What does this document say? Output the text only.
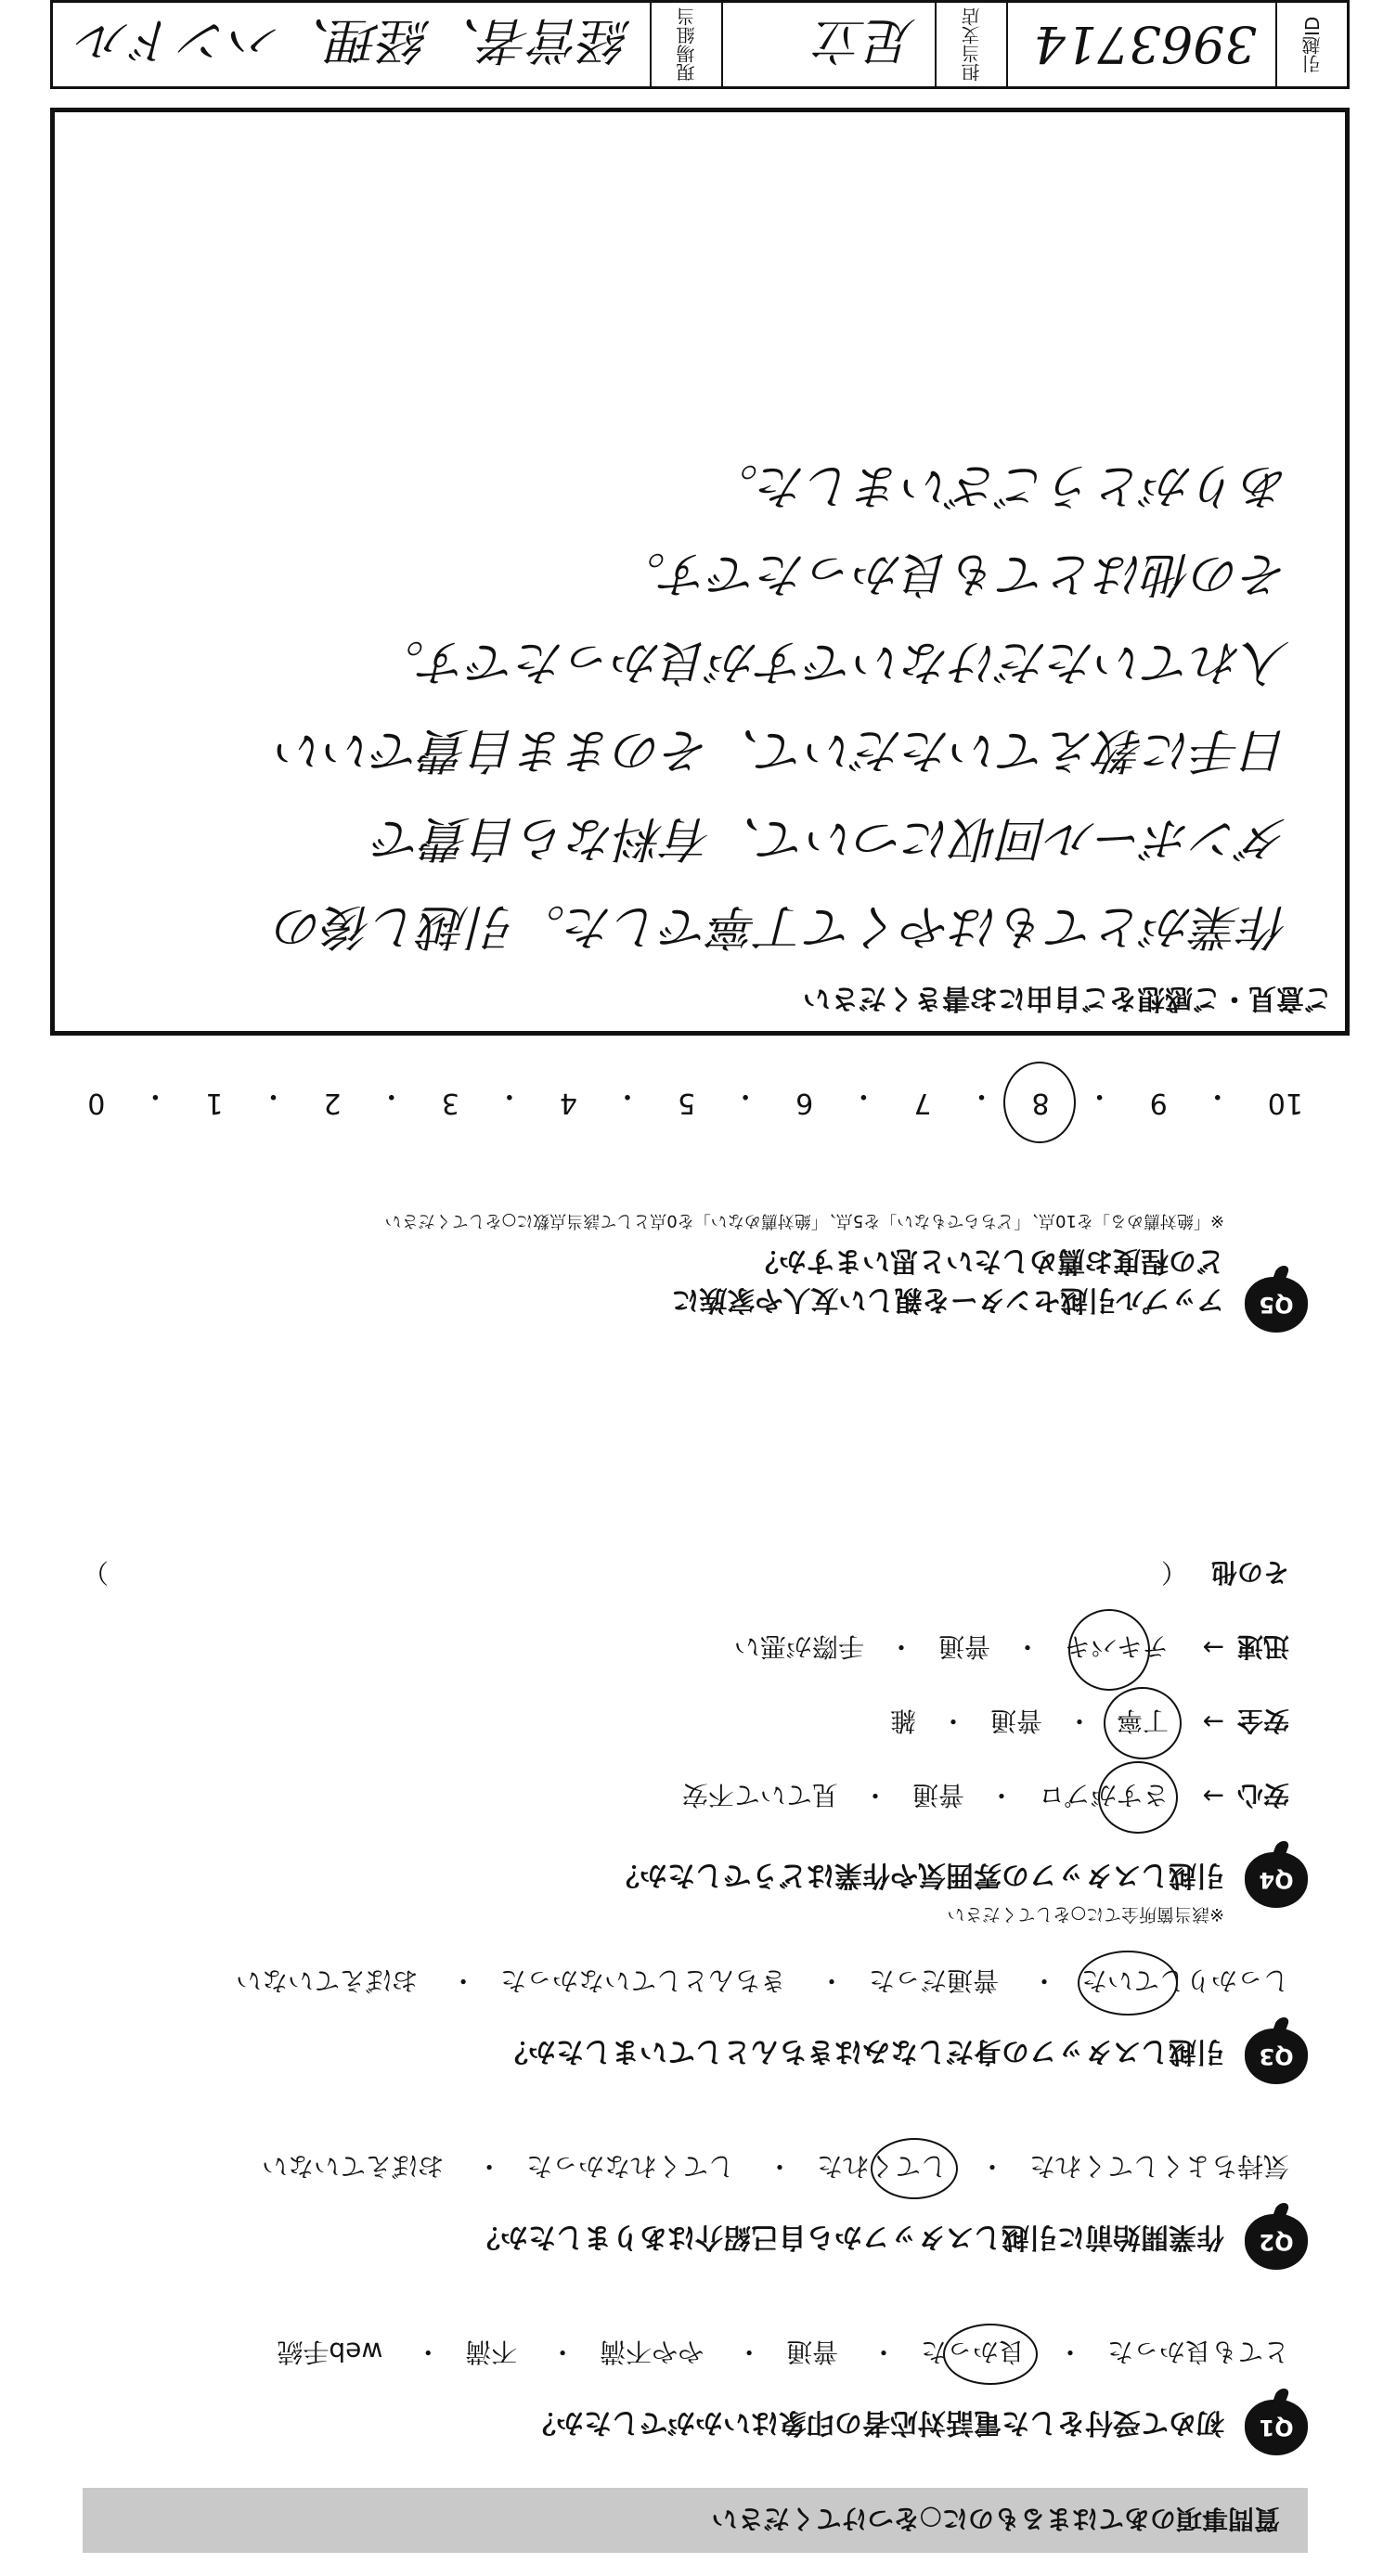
質問事項のあてはまるものに○をつけてください
Q1
初めて受付をした電話対応者の印象はいかがでしたか？
とても良かった・ 良かった
・ 普通・ やや不満・ 不満・ web手続
Q2
作業開始前に引越しスタッフから自己紹介はありましたか？
気持ちよくしてくれた・ してくれた
・ してくれなかった・ おぼえていない
Q3
引越しスタッフの身だしなみはきちんとしていましたか？
しっかりしていた
・ 普通だった・ きちんとしていなかった・ おぼえていない
Q4
引越しスタッフの雰囲気や作業はどうでしたか？
※該当箇所全てに○をしてください
安心
→
さすがプロ
・
普通
・
見ていて不安
安全
→
丁寧
・
普通
・
雑
迅速
→
テキパキ
・
普通
・
手際が悪い
その他
（
）
Q5
アップル引越センターを親しい友人や家族に
どの程度お薦めしたいと思いますか？
※「絶対薦める」を10点、「どちらでもない」を5点、「絶対薦めない」を0点として該当点数に○をしてください
10
・
9
・
8
・
7
・
6
・
5
・
4
・
3
・
2
・
1
・
0
ご意見・ご感想をご自由にお書きください
作業がとてもはやくて丁寧でした。引越し後の
ダンボール回収について、有料なら自費で
日手に教えていただいて、そのまま自費でいい
入れていただけないですが良かったです。
その他はとても良かったです。
ありがとうございました。
引越ID
3963714
担当支店
足立
現場組当
経営者、経理、ハンドル
